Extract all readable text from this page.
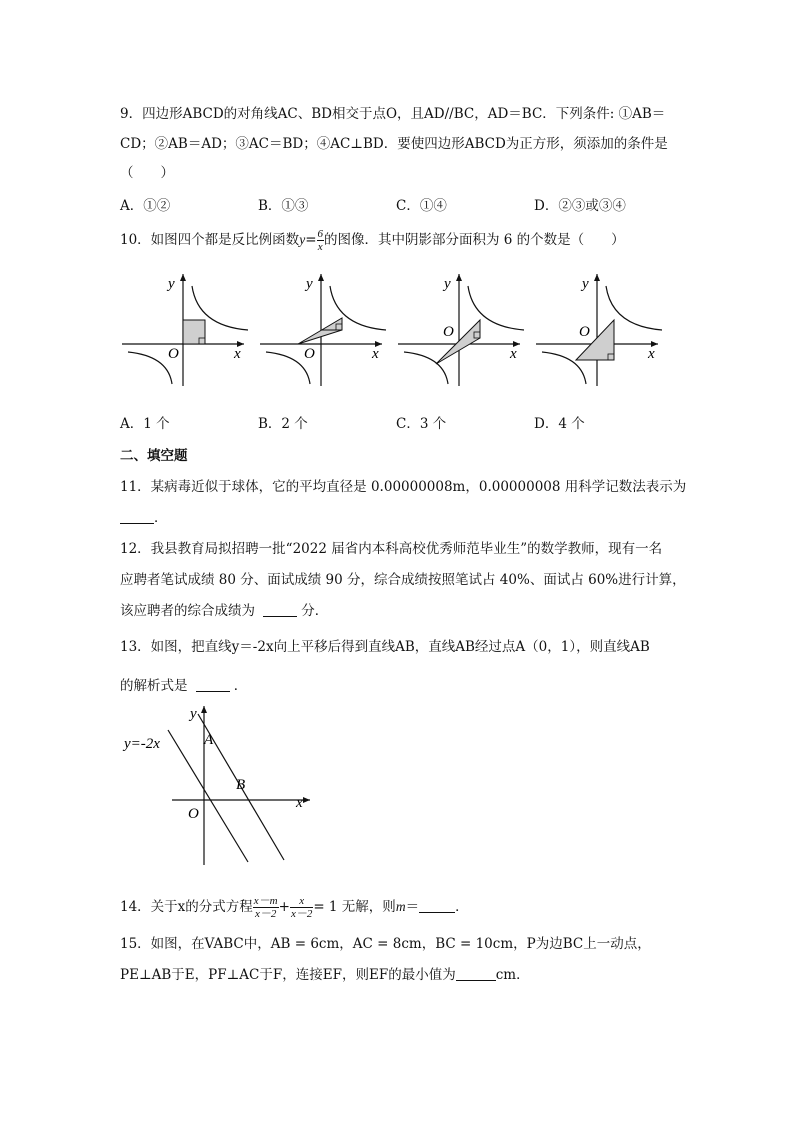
9．四边形ABCD的对角线AC、BD相交于点O，且AD//BC，AD＝BC．下列条件: ①AB＝
CD；②AB＝AD；③AC＝BD；④AC⊥BD．要使四边形ABCD为正方形，须添加的条件是
（　　）
A．①②	B．①③	C．①④	D．②③或③④
10．如图四个都是反比例函数$y= \frac{6}{x}$ 的图像．其中阴影部分面积为 6 的个数是（　　）
y
x
O
y
x
O
y
x
O
y
x
O
A．1 个	B．2 个	C．3 个	D．4 个
二、填空题
11．某病毒近似于球体，它的平均直径是 0.00000008m，0.00000008 用科学记数法表示为
．
12．我县教育局拟招聘一批“2022 届省内本科高校优秀师范毕业生”的数学教师，现有一名
应聘者笔试成绩 80 分、面试成绩 90 分，综合成绩按照笔试占 40%、面试占 60%进行计算，
该应聘者的综合成绩为	分．
13．如图，把直线y＝-2x向上平移后得到直线AB，直线AB经过点A（0，1），则直线AB
的解析式是	．
y=-2x
y
x
O
A
B
14．关于x的分式方程 $\frac{x-m}{x-2} + \frac{x}{x-2} = 1$ 无解，则m＝	．
15．如图，在VABC中，AB = 6cm，AC = 8cm，BC = 10cm，P为边BC上一动点，
PE⊥AB于E，PF⊥AC于F，连接EF，则EF的最小值为	cm．
